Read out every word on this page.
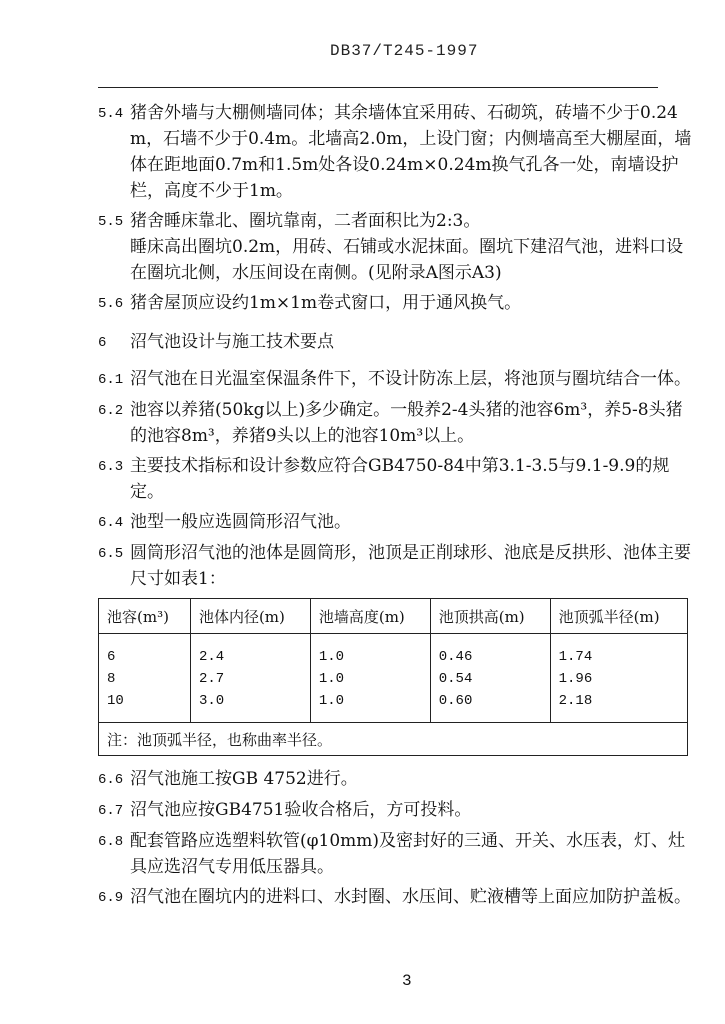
DB37/T245-1997
5.4 猪舍外墙与大棚侧墙同体；其余墙体宜采用砖、石砌筑，砖墙不少于0.24m，石墙不少于0.4m。北墙高2.0m，上设门窗；内侧墙高至大棚屋面，墙体在距地面0.7m和1.5m处各设0.24m×0.24m换气孔各一处，南墙设护栏，高度不少于1m。
5.5 猪舍睡床靠北、圈坑靠南，二者面积比为2:3。
睡床高出圈坑0.2m，用砖、石铺或水泥抹面。圈坑下建沼气池，进料口设在圈坑北侧，水压间设在南侧。(见附录A图示A3)
5.6 猪舍屋顶应设约1m×1m卷式窗口，用于通风换气。
6	沼气池设计与施工技术要点
6.1 沼气池在日光温室保温条件下，不设计防冻上层，将池顶与圈坑结合一体。
6.2 池容以养猪(50kg以上)多少确定。一般养2-4头猪的池容6m³，养5-8头猪的池容8m³，养猪9头以上的池容10m³以上。
6.3 主要技术指标和设计参数应符合GB4750-84中第3.1-3.5与9.1-9.9的规定。
6.4 池型一般应选圆筒形沼气池。
6.5 圆筒形沼气池的池体是圆筒形，池顶是正削球形、池底是反拱形、池体主要尺寸如表1：
池容(m³)	池体内径(m)	池墙高度(m)	池顶拱高(m)	池顶弧半径(m)
6	2.4	1.0	0.46	1.74
8	2.7	1.0	0.54	1.96
10	3.0	1.0	0.60	2.18
注：池顶弧半径，也称曲率半径。				
6.6 沼气池施工按GB 4752进行。
6.7 沼气池应按GB4751验收合格后，方可投料。
6.8 配套管路应选塑料软管(φ10mm)及密封好的三通、开关、水压表，灯、灶具应选沼气专用低压器具。
6.9 沼气池在圈坑内的进料口、水封圈、水压间、贮液槽等上面应加防护盖板。
3
